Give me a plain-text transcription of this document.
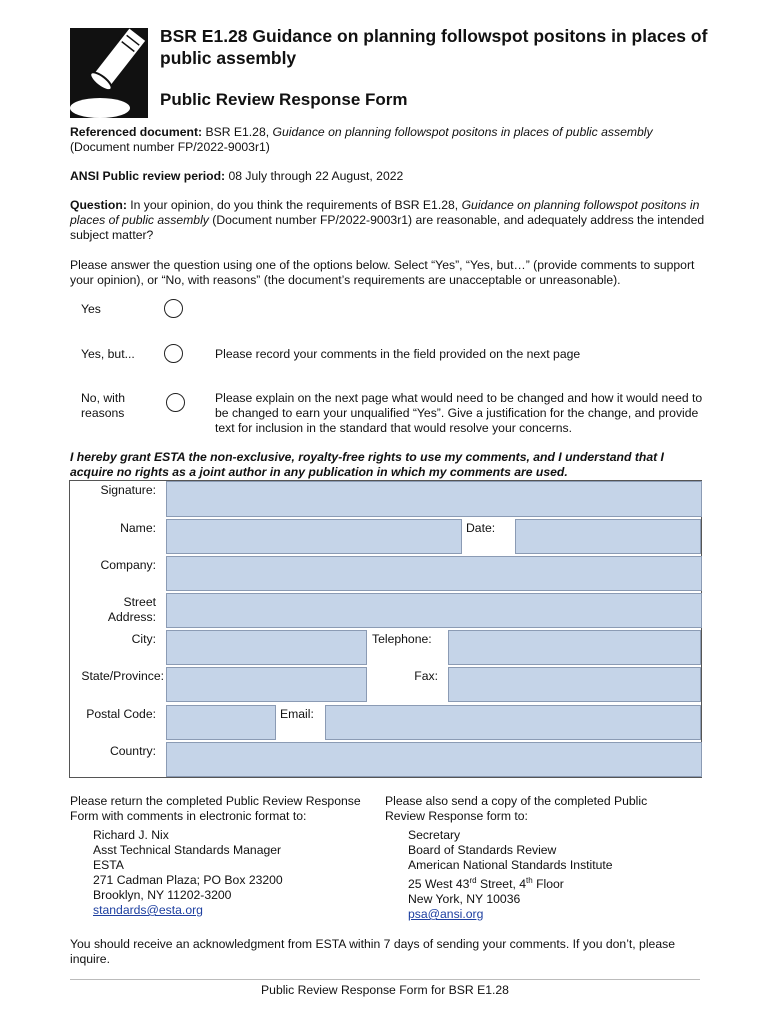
BSR E1.28 Guidance on planning followspot positons in places of public assembly
Public Review Response Form

Referenced document: BSR E1.28, Guidance on planning followspot positons in places of public assembly (Document number FP/2022-9003r1)

ANSI Public review period: 08 July through 22 August, 2022

Question: In your opinion, do you think the requirements of BSR E1.28, Guidance on planning followspot positons in places of public assembly (Document number FP/2022-9003r1) are reasonable, and adequately address the intended subject matter?

Please answer the question using one of the options below. Select “Yes”, “Yes, but…” (provide comments to support your opinion), or “No, with reasons” (the document’s requirements are unacceptable or unreasonable).

Yes
Yes, but...	Please record your comments in the field provided on the next page
No, with reasons
Please explain on the next page what would need to be changed and how it would need to be changed to earn your unqualified “Yes”. Give a justification for the change, and provide text for inclusion in the standard that would resolve your concerns.

I hereby grant ESTA the non-exclusive, royalty-free rights to use my comments, and I understand that I acquire no rights as a joint author in any publication in which my comments are used.

Signature:
Name:	Date:
Company:
Street Address:
City:	Telephone:
State/Province:	Fax:
Postal Code:	Email:
Country:

Please return the completed Public Review Response Form with comments in electronic format to:

Richard J. Nix

Asst Technical Standards Manager

ESTA

271 Cadman Plaza; PO Box 23200

Brooklyn, NY 11202-3200

standards@esta.org

Please also send a copy of the completed Public Review Response form to:

Secretary

Board of Standards Review

American National Standards Institute

25 West 43rd Street, 4th Floor

New York, NY 10036

psa@ansi.org

You should receive an acknowledgment from ESTA within 7 days of sending your comments. If you don’t, please inquire.

Public Review Response Form for BSR E1.28
